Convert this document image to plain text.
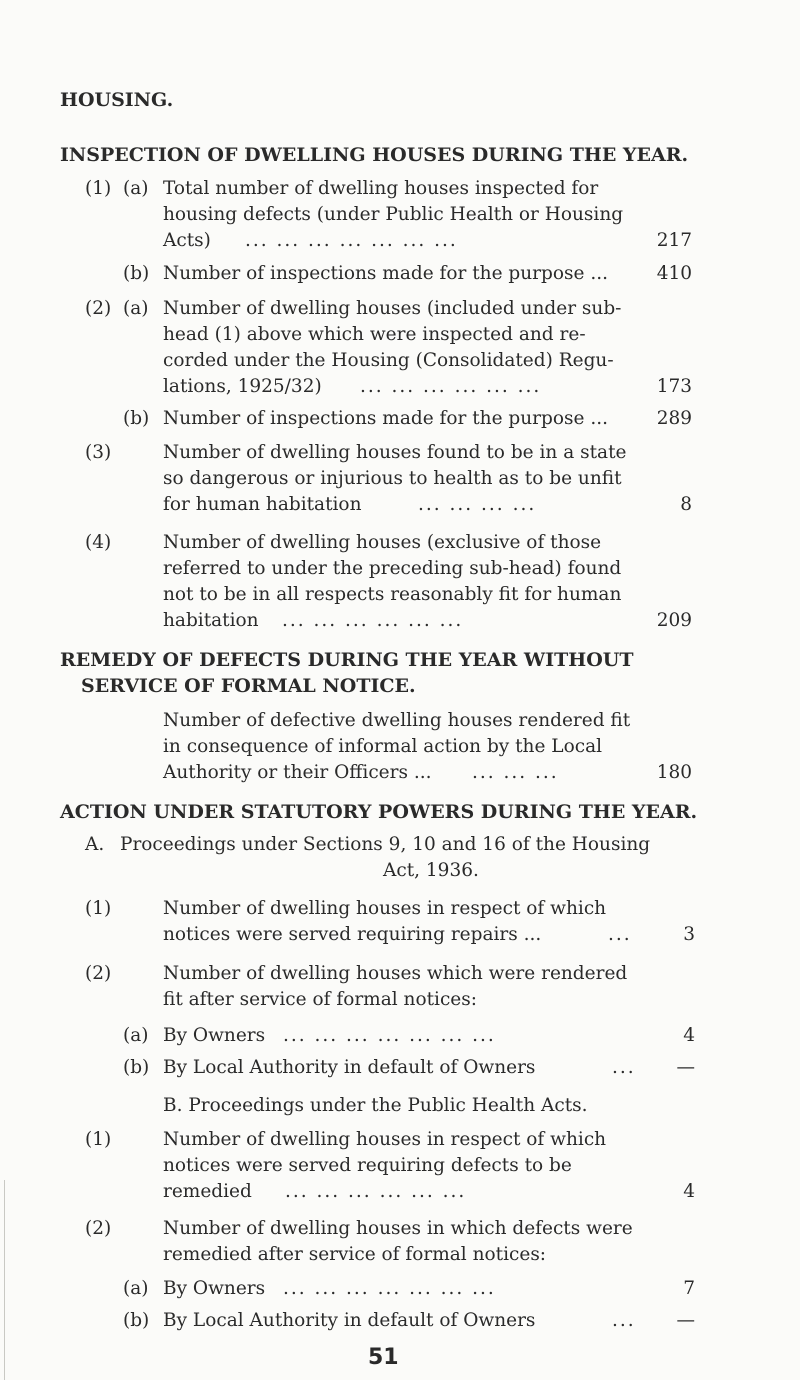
HOUSING.
INSPECTION OF DWELLING HOUSES DURING THE YEAR.
(1) (a) Total number of dwelling houses inspected for
housing defects (under Public Health or Housing
Acts) ... ... ... ... ... ... ...	217
(b) Number of inspections made for the purpose ...	410
(2) (a) Number of dwelling houses (included under sub-
head (1) above which were inspected and re-
corded under the Housing (Consolidated) Regu-
lations, 1925/32) ... ... ... ... ... ...	173
(b) Number of inspections made for the purpose ...	289
(3)	Number of dwelling houses found to be in a state
so dangerous or injurious to health as to be unfit
for human habitation	... ... ... ...	8
(4)	Number of dwelling houses (exclusive of those
referred to under the preceding sub-head) found
not to be in all respects reasonably fit for human
habitation ... ... ... ... ... ...	209
REMEDY OF DEFECTS DURING THE YEAR WITHOUT
SERVICE OF FORMAL NOTICE.
Number of defective dwelling houses rendered fit
in consequence of informal action by the Local
Authority or their Officers ... ... ... ...	180
ACTION UNDER STATUTORY POWERS DURING THE YEAR.
A. Proceedings under Sections 9, 10 and 16 of the Housing
Act, 1936.
(1)	Number of dwelling houses in respect of which
notices were served requiring repairs ...	...	3
(2)	Number of dwelling houses which were rendered
fit after service of formal notices:
(a) By Owners ... ... ... ... ... ... ...	4
(b) By Local Authority in default of Owners	...	—
B. Proceedings under the Public Health Acts.
(1)	Number of dwelling houses in respect of which
notices were served requiring defects to be
remedied ... ... ... ... ... ...	4
(2)	Number of dwelling houses in which defects were
remedied after service of formal notices:
(a) By Owners ... ... ... ... ... ... ...	7
(b) By Local Authority in default of Owners	...	—
51
